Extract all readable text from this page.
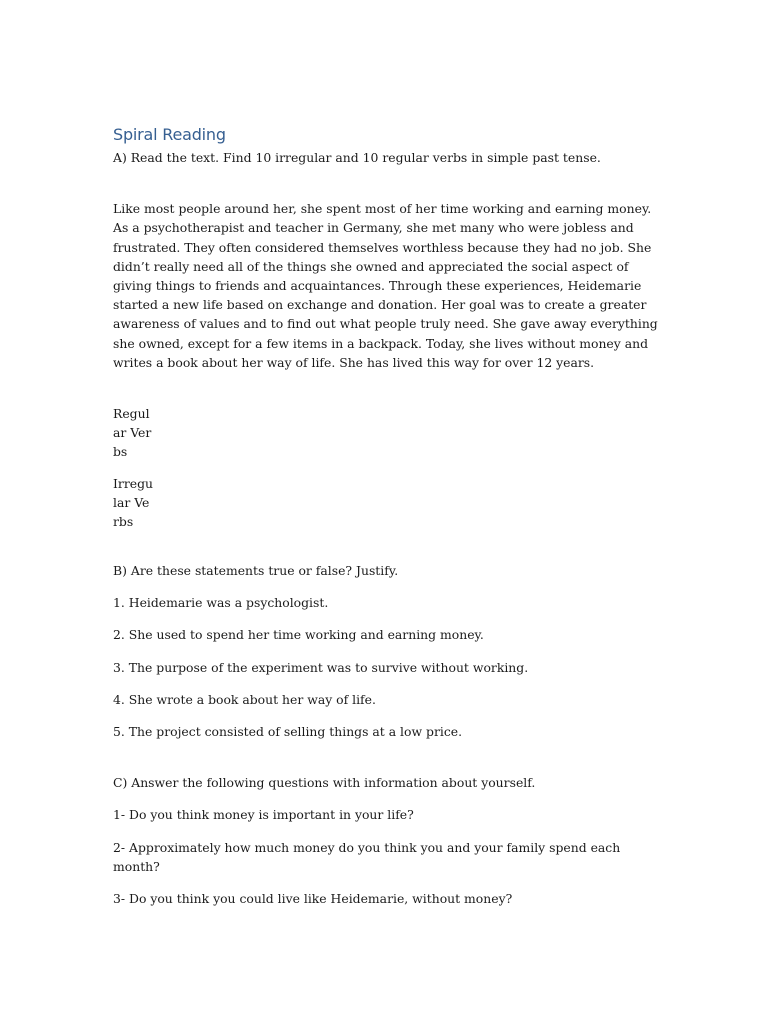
Spiral Reading

A) Read the text. Find 10 irregular and 10 regular verbs in simple past tense.

Like most people around her, she spent most of her time working and earning money. As a psychotherapist and teacher in Germany, she met many who were jobless and frustrated. They often considered themselves worthless because they had no job. She didn’t really need all of the things she owned and appreciated the social aspect of giving things to friends and acquaintances. Through these experiences, Heidemarie started a new life based on exchange and donation. Her goal was to create a greater awareness of values and to find out what people truly need. She gave away everything she owned, except for a few items in a backpack. Today, she lives without money and writes a book about her way of life. She has lived this way for over 12 years.

Regular Verbs
Irregular Verbs

B) Are these statements true or false? Justify.

1. Heidemarie was a psychologist.

2. She used to spend her time working and earning money.

3. The purpose of the experiment was to survive without working.

4. She wrote a book about her way of life.

5. The project consisted of selling things at a low price.

C) Answer the following questions with information about yourself.

1- Do you think money is important in your life?

2- Approximately how much money do you think you and your family spend each month?

3- Do you think you could live like Heidemarie, without money?
